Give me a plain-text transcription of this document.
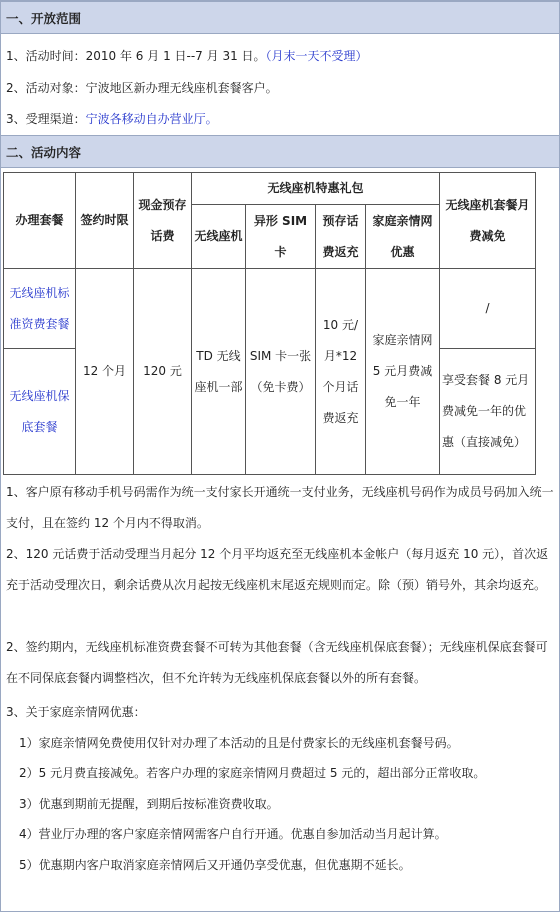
一、开放范围
1、活动时间：2010 年 6 月 1 日--7 月 31 日。（月末一天不受理）
2、活动对象：宁波地区新办理无线座机套餐客户。
3、受理渠道：宁波各移动自办营业厅。
二、活动内容
办理套餐	签约时限	现金预存话费	无线座机特惠礼包				无线座机套餐月费减免
			无线座机	异形 SIM 卡	预存话费返充	家庭亲情网优惠	
无线座机标准资费套餐	12 个月	120 元	TD 无线座机一部	SIM 卡一张（免卡费）	10 元/月*12 个月话费返充	家庭亲情网 5 元月费减免一年	/
无线座机保底套餐							享受套餐 8 元月费减免一年的优惠（直接减免）
1、客户原有移动手机号码需作为统一支付家长开通统一支付业务，无线座机号码作为成员号码加入统一支付，且在签约 12 个月内不得取消。
2、120 元话费于活动受理当月起分 12 个月平均返充至无线座机本金帐户（每月返充 10 元），首次返充于活动受理次日，剩余话费从次月起按无线座机末尾返充规则而定。除（预）销号外，其余均返充。
2、签约期内，无线座机标准资费套餐不可转为其他套餐（含无线座机保底套餐）；无线座机保底套餐可在不同保底套餐内调整档次，但不允许转为无线座机保底套餐以外的所有套餐。
3、关于家庭亲情网优惠：
1）家庭亲情网免费使用仅针对办理了本活动的且是付费家长的无线座机套餐号码。
2）5 元月费直接减免。若客户办理的家庭亲情网月费超过 5 元的，超出部分正常收取。
3）优惠到期前无提醒，到期后按标准资费收取。
4）营业厅办理的客户家庭亲情网需客户自行开通。优惠自参加活动当月起计算。
5）优惠期内客户取消家庭亲情网后又开通仍享受优惠，但优惠期不延长。
